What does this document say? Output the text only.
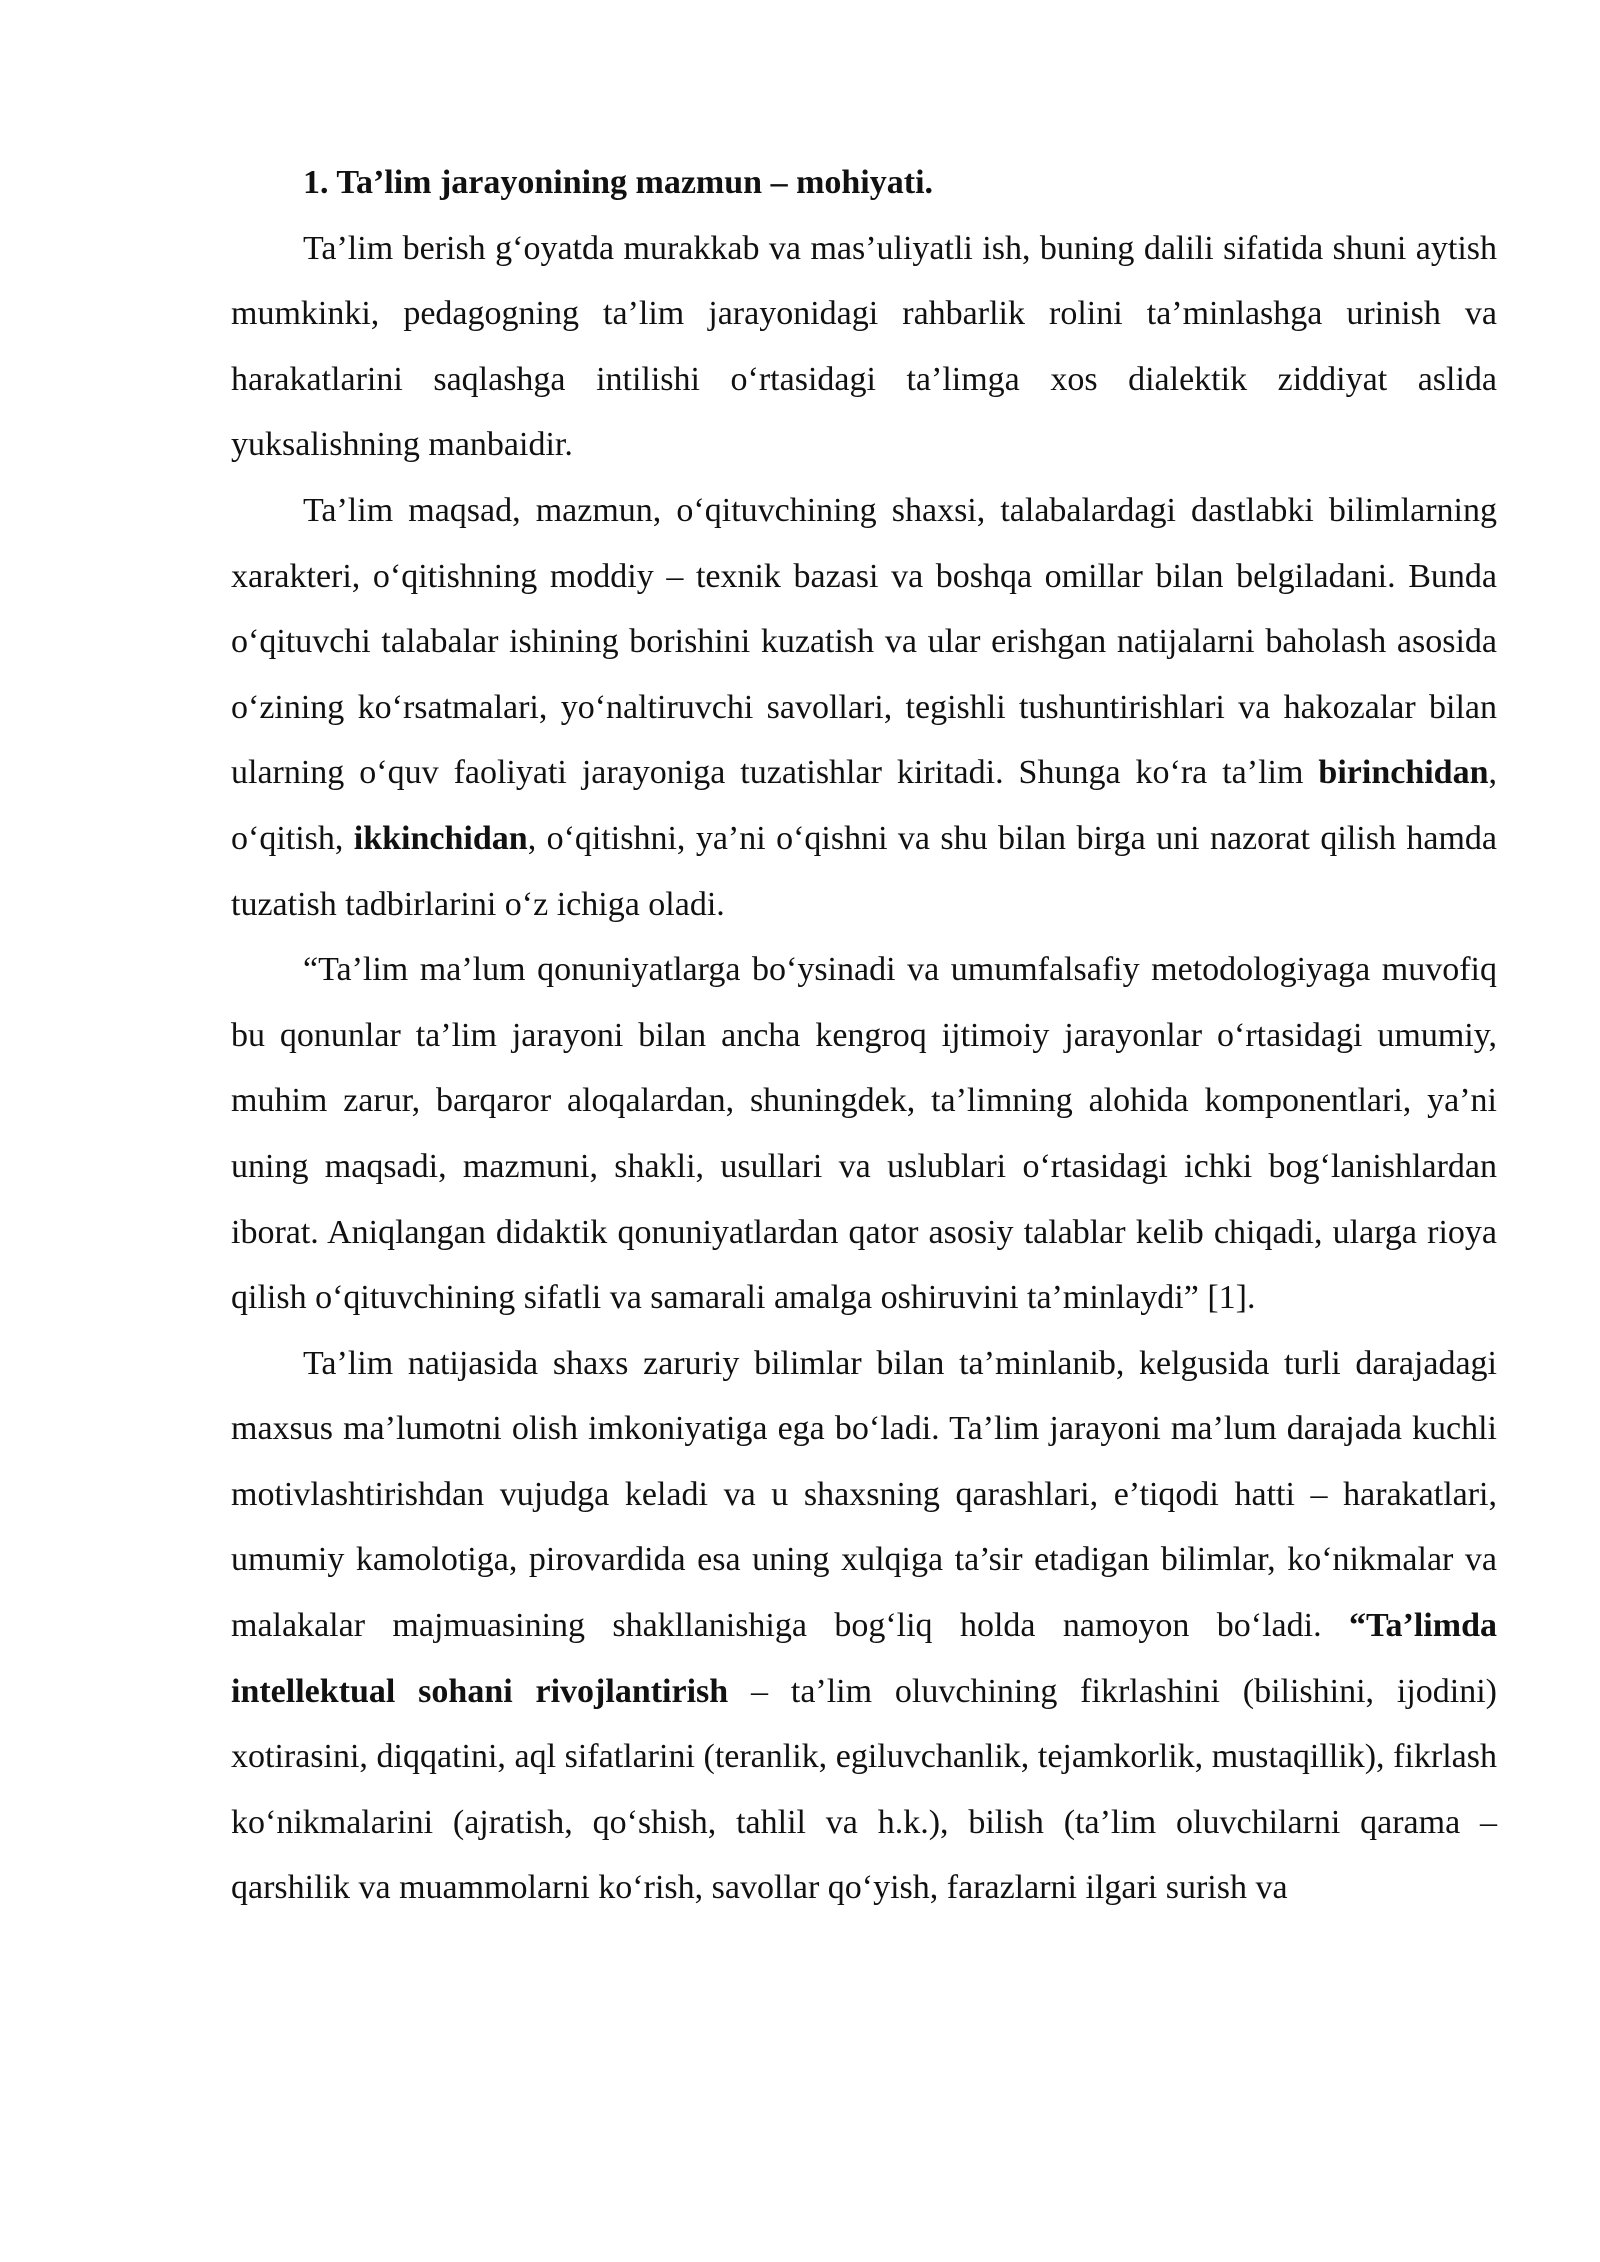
1. Ta’lim jarayonining mazmun – mohiyati.

Ta’lim berish g‘oyatda murakkab va mas’uliyatli ish, buning dalili sifatida shuni aytish mumkinki, pedagogning ta’lim jarayonidagi rahbarlik rolini ta’minlashga urinish va harakatlarini saqlashga intilishi o‘rtasidagi ta’limga xos dialektik ziddiyat aslida yuksalishning manbaidir.

Ta’lim maqsad, mazmun, o‘qituvchining shaxsi, talabalardagi dastlabki bilimlarning xarakteri, o‘qitishning moddiy – texnik bazasi va boshqa omillar bilan belgiladani. Bunda o‘qituvchi talabalar ishining borishini kuzatish va ular erishgan natijalarni baholash asosida o‘zining ko‘rsatmalari, yo‘naltiruvchi savollari, tegishli tushuntirishlari va hakozalar bilan ularning o‘quv faoliyati jarayoniga tuzatishlar kiritadi. Shunga ko‘ra ta’lim birinchidan, o‘qitish, ikkinchidan, o‘qitishni, ya’ni o‘qishni va shu bilan birga uni nazorat qilish hamda tuzatish tadbirlarini o‘z ichiga oladi.

“Ta’lim ma’lum qonuniyatlarga bo‘ysinadi va umumfalsafiy metodologiyaga muvofiq bu qonunlar ta’lim jarayoni bilan ancha kengroq ijtimoiy jarayonlar o‘rtasidagi umumiy, muhim zarur, barqaror aloqalardan, shuningdek, ta’limning alohida komponentlari, ya’ni uning maqsadi, mazmuni, shakli, usullari va uslublari o‘rtasidagi ichki bog‘lanishlardan iborat. Aniqlangan didaktik qonuniyatlardan qator asosiy talablar kelib chiqadi, ularga rioya qilish o‘qituvchining sifatli va samarali amalga oshiruvini ta’minlaydi” [1].

Ta’lim natijasida shaxs zaruriy bilimlar bilan ta’minlanib, kelgusida turli darajadagi maxsus ma’lumotni olish imkoniyatiga ega bo‘ladi. Ta’lim jarayoni ma’lum darajada kuchli motivlashtirishdan vujudga keladi va u shaxsning qarashlari, e’tiqodi hatti – harakatlari, umumiy kamolotiga, pirovardida esa uning xulqiga ta’sir etadigan bilimlar, ko‘nikmalar va malakalar majmuasining shakllanishiga bog‘liq holda namoyon bo‘ladi. “Ta’limda intellektual sohani rivojlantirish – ta’lim oluvchining fikrlashini (bilishini, ijodini) xotirasini, diqqatini, aql sifatlarini (teranlik, egiluvchanlik, tejamkorlik, mustaqillik), fikrlash ko‘nikmalarini (ajratish, qo‘shish, tahlil va h.k.), bilish (ta’lim oluvchilarni qarama – qarshilik va muammolarni ko‘rish, savollar qo‘yish, farazlarni ilgari surish va
